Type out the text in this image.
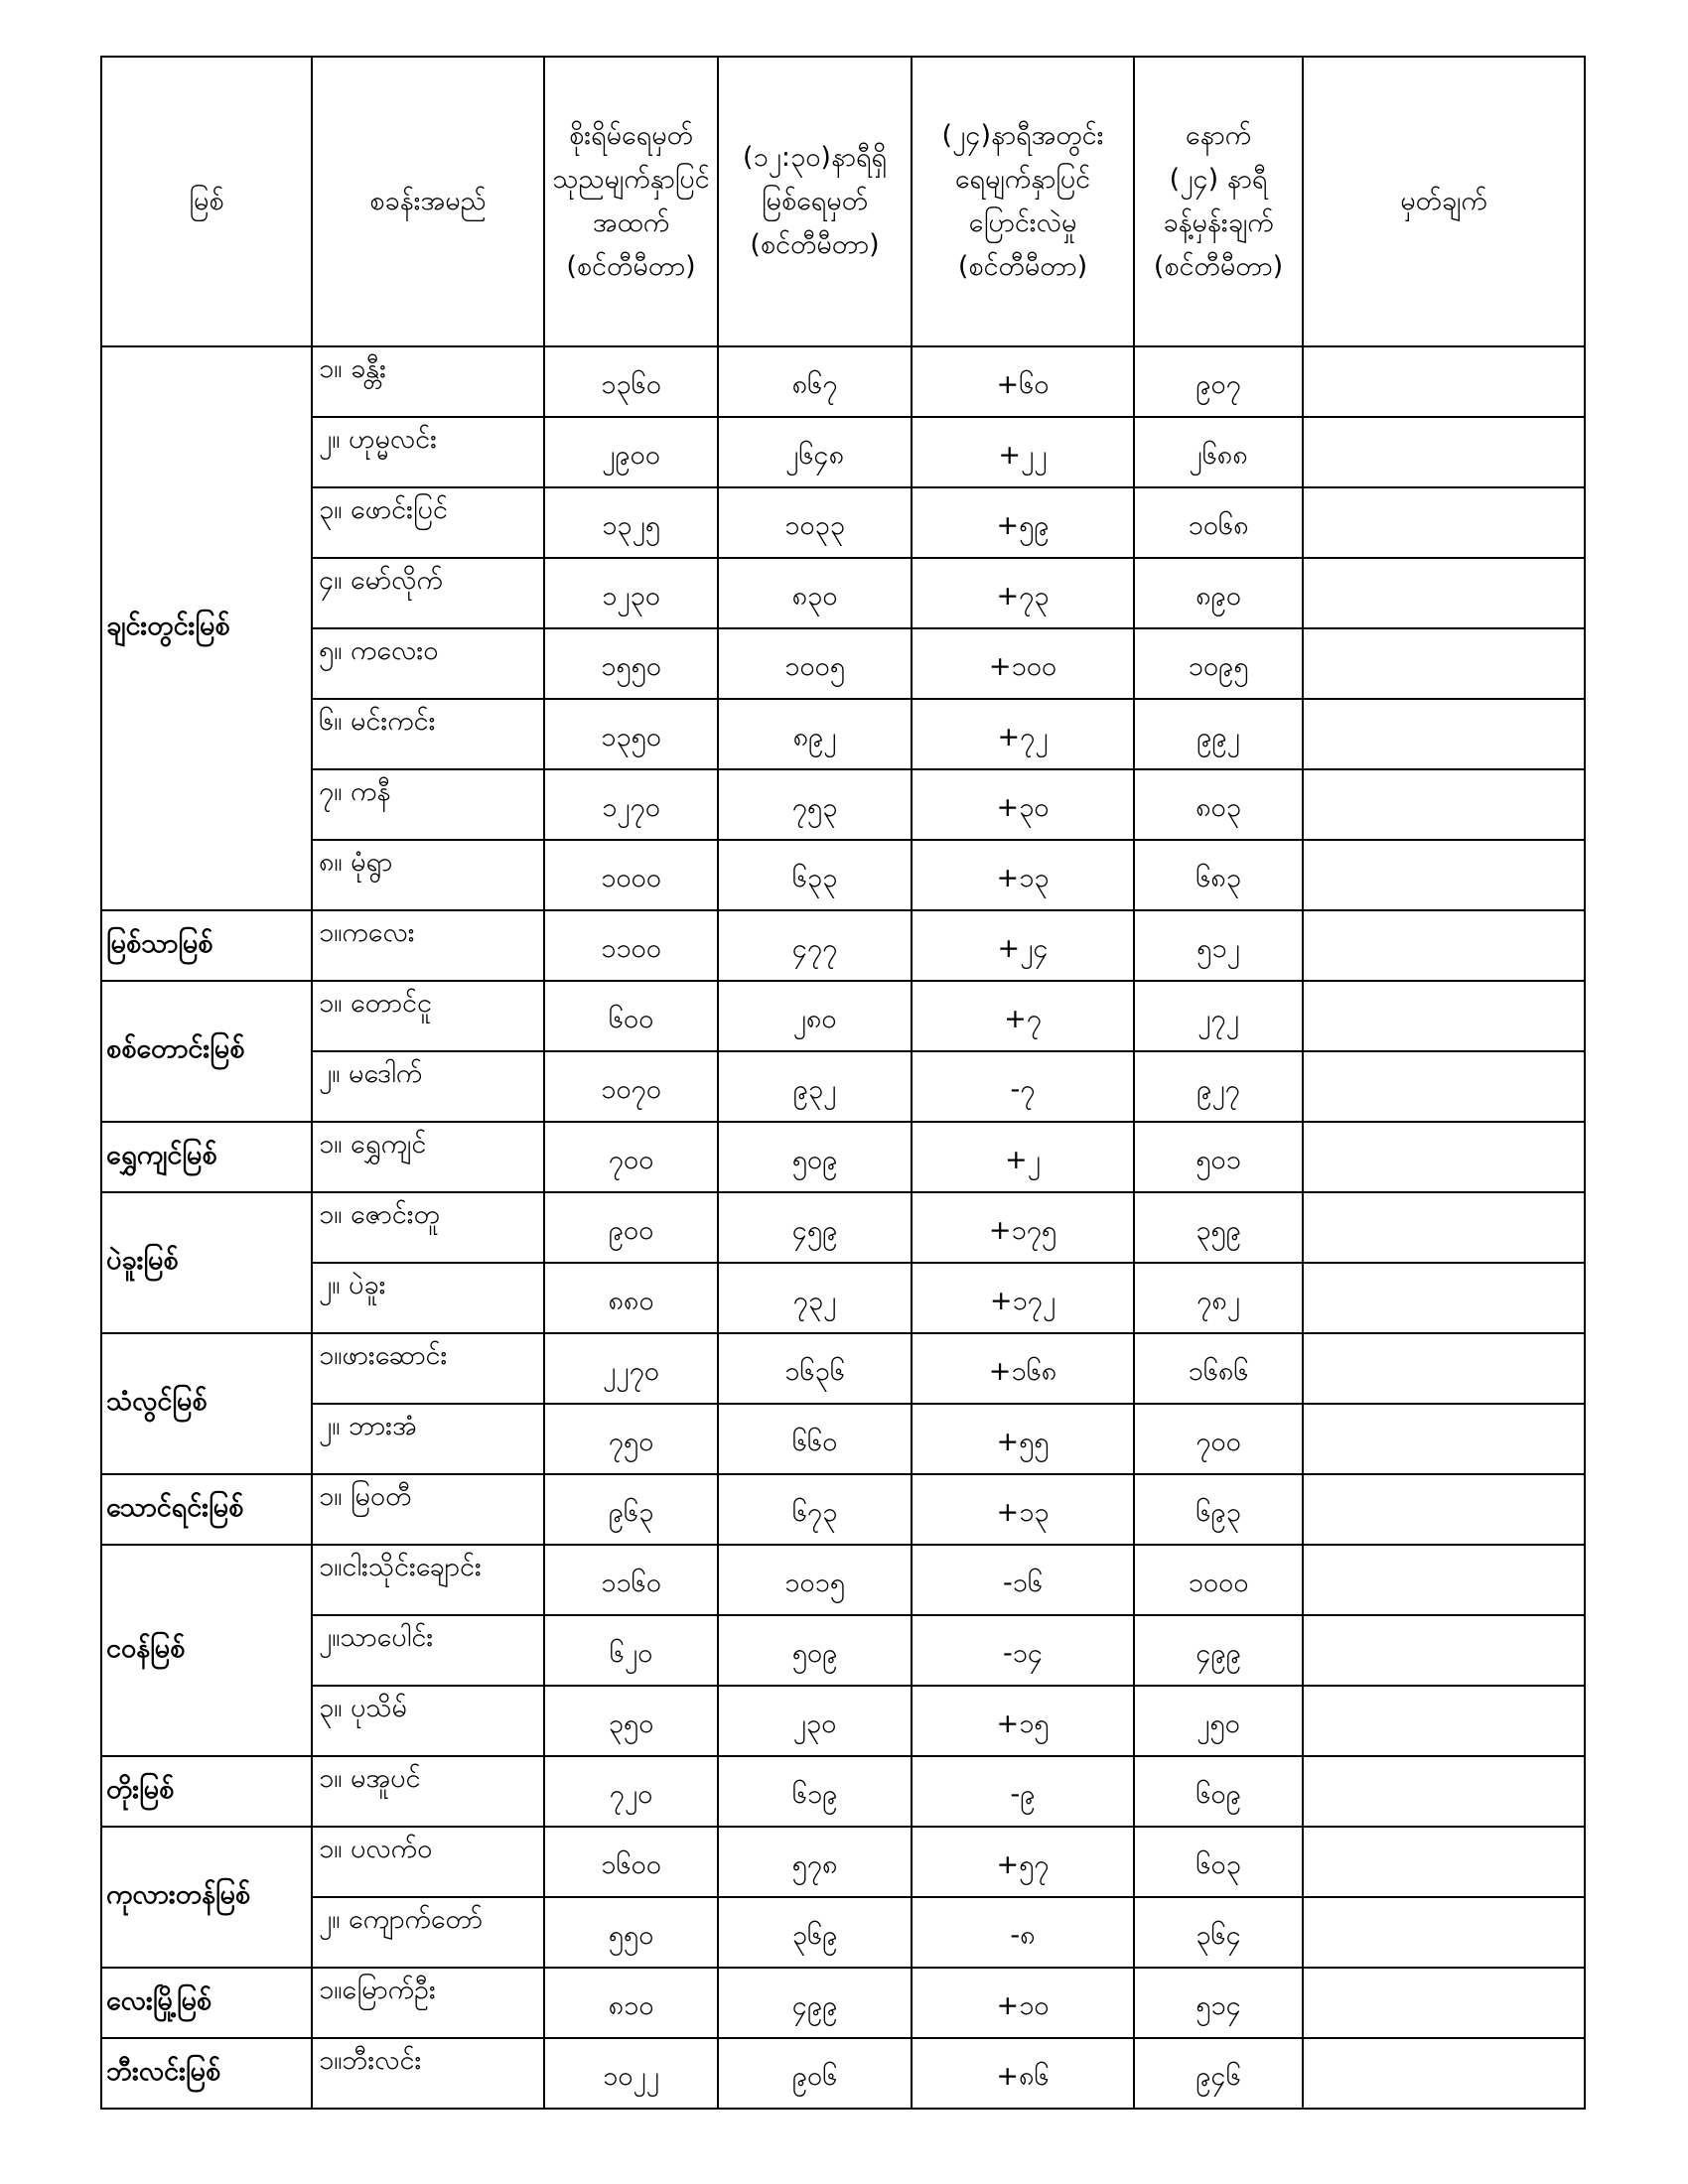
မြစ်	စခန်းအမည်	စိုးရိမ်ရေမှတ်
သုညမျက်နှာပြင်
အထက်
(စင်တီမီတာ)	(၁၂:၃၀)နာရီရှိ
မြစ်ရေမှတ်
(စင်တီမီတာ)	(၂၄)နာရီအတွင်း
ရေမျက်နှာပြင်
ပြောင်းလဲမှု
(စင်တီမီတာ)	နောက်
(၂၄) နာရီ
ခန့်မှန်းချက်
(စင်တီမီတာ)	မှတ်ချက်

ချင်းတွင်းမြစ်	၁။ ခန္တီး	၁၃၆၀	၈၆၇	+၆၀	၉၀၇	
	၂။ ဟုမ္မလင်း	၂၉၀၀	၂၆၄၈	+၂၂	၂၆၈၈	
	၃။ ဖောင်းပြင်	၁၃၂၅	၁၀၃၃	+၅၉	၁၀၆၈	
	၄။ မော်လိုက်	၁၂၃၀	၈၃၀	+၇၃	၈၉၀	
	၅။ ကလေးဝ	၁၅၅၀	၁၀၀၅	+၁၀၀	၁၀၉၅	
	၆။ မင်းကင်း	၁၃၅၀	၈၉၂	+၇၂	၉၉၂	
	၇။ ကနီ	၁၂၇၀	၇၅၃	+၃၀	၈၀၃	
	၈။ မုံရွာ	၁၀၀၀	၆၃၃	+၁၃	၆၈၃	
မြစ်သာမြစ်	၁။ကလေး	၁၁၀၀	၄၇၇	+၂၄	၅၁၂	
စစ်တောင်းမြစ်	၁။ တောင်ငူ	၆၀၀	၂၈၀	+၇	၂၇၂	
	၂။ မဒေါက်	၁၀၇၀	၉၃၂	-၇	၉၂၇	
ရွှေကျင်မြစ်	၁။ ရွှေကျင်	၇၀၀	၅၀၉	+၂	၅၀၁	
ပဲခူးမြစ်	၁။ ဇောင်းတူ	၉၀၀	၄၅၉	+၁၇၅	၃၅၉	
	၂။ ပဲခူး	၈၈၀	၇၃၂	+၁၇၂	၇၈၂	
သံလွင်မြစ်	၁။ဖားဆောင်း	၂၂၇၀	၁၆၃၆	+၁၆၈	၁၆၈၆	
	၂။ ဘားအံ	၇၅၀	၆၆၀	+၅၅	၇၀၀	
သောင်ရင်းမြစ်	၁။ မြဝတီ	၉၆၃	၆၇၃	+၁၃	၆၉၃	
ငဝန်မြစ်	၁။ငါးသိုင်းချောင်း	၁၁၆၀	၁၀၁၅	-၁၆	၁၀၀၀	
	၂။သာပေါင်း	၆၂၀	၅၀၉	-၁၄	၄၉၉	
	၃။ ပုသိမ်	၃၅၀	၂၃၀	+၁၅	၂၅၀	
တိုးမြစ်	၁။ မအူပင်	၇၂၀	၆၁၉	-၉	၆၀၉	
ကုလားတန်မြစ်	၁။ ပလက်ဝ	၁၆၀၀	၅၇၈	+၅၇	၆၀၃	
	၂။ ကျောက်တော်	၅၅၀	၃၆၉	-၈	၃၆၄	
လေးမြို့မြစ်	၁။မြောက်ဦး	၈၁၀	၄၉၉	+၁၀	၅၁၄	
ဘီးလင်းမြစ်	၁။ဘီးလင်း	၁၀၂၂	၉၀၆	+၈၆	၉၄၆	
